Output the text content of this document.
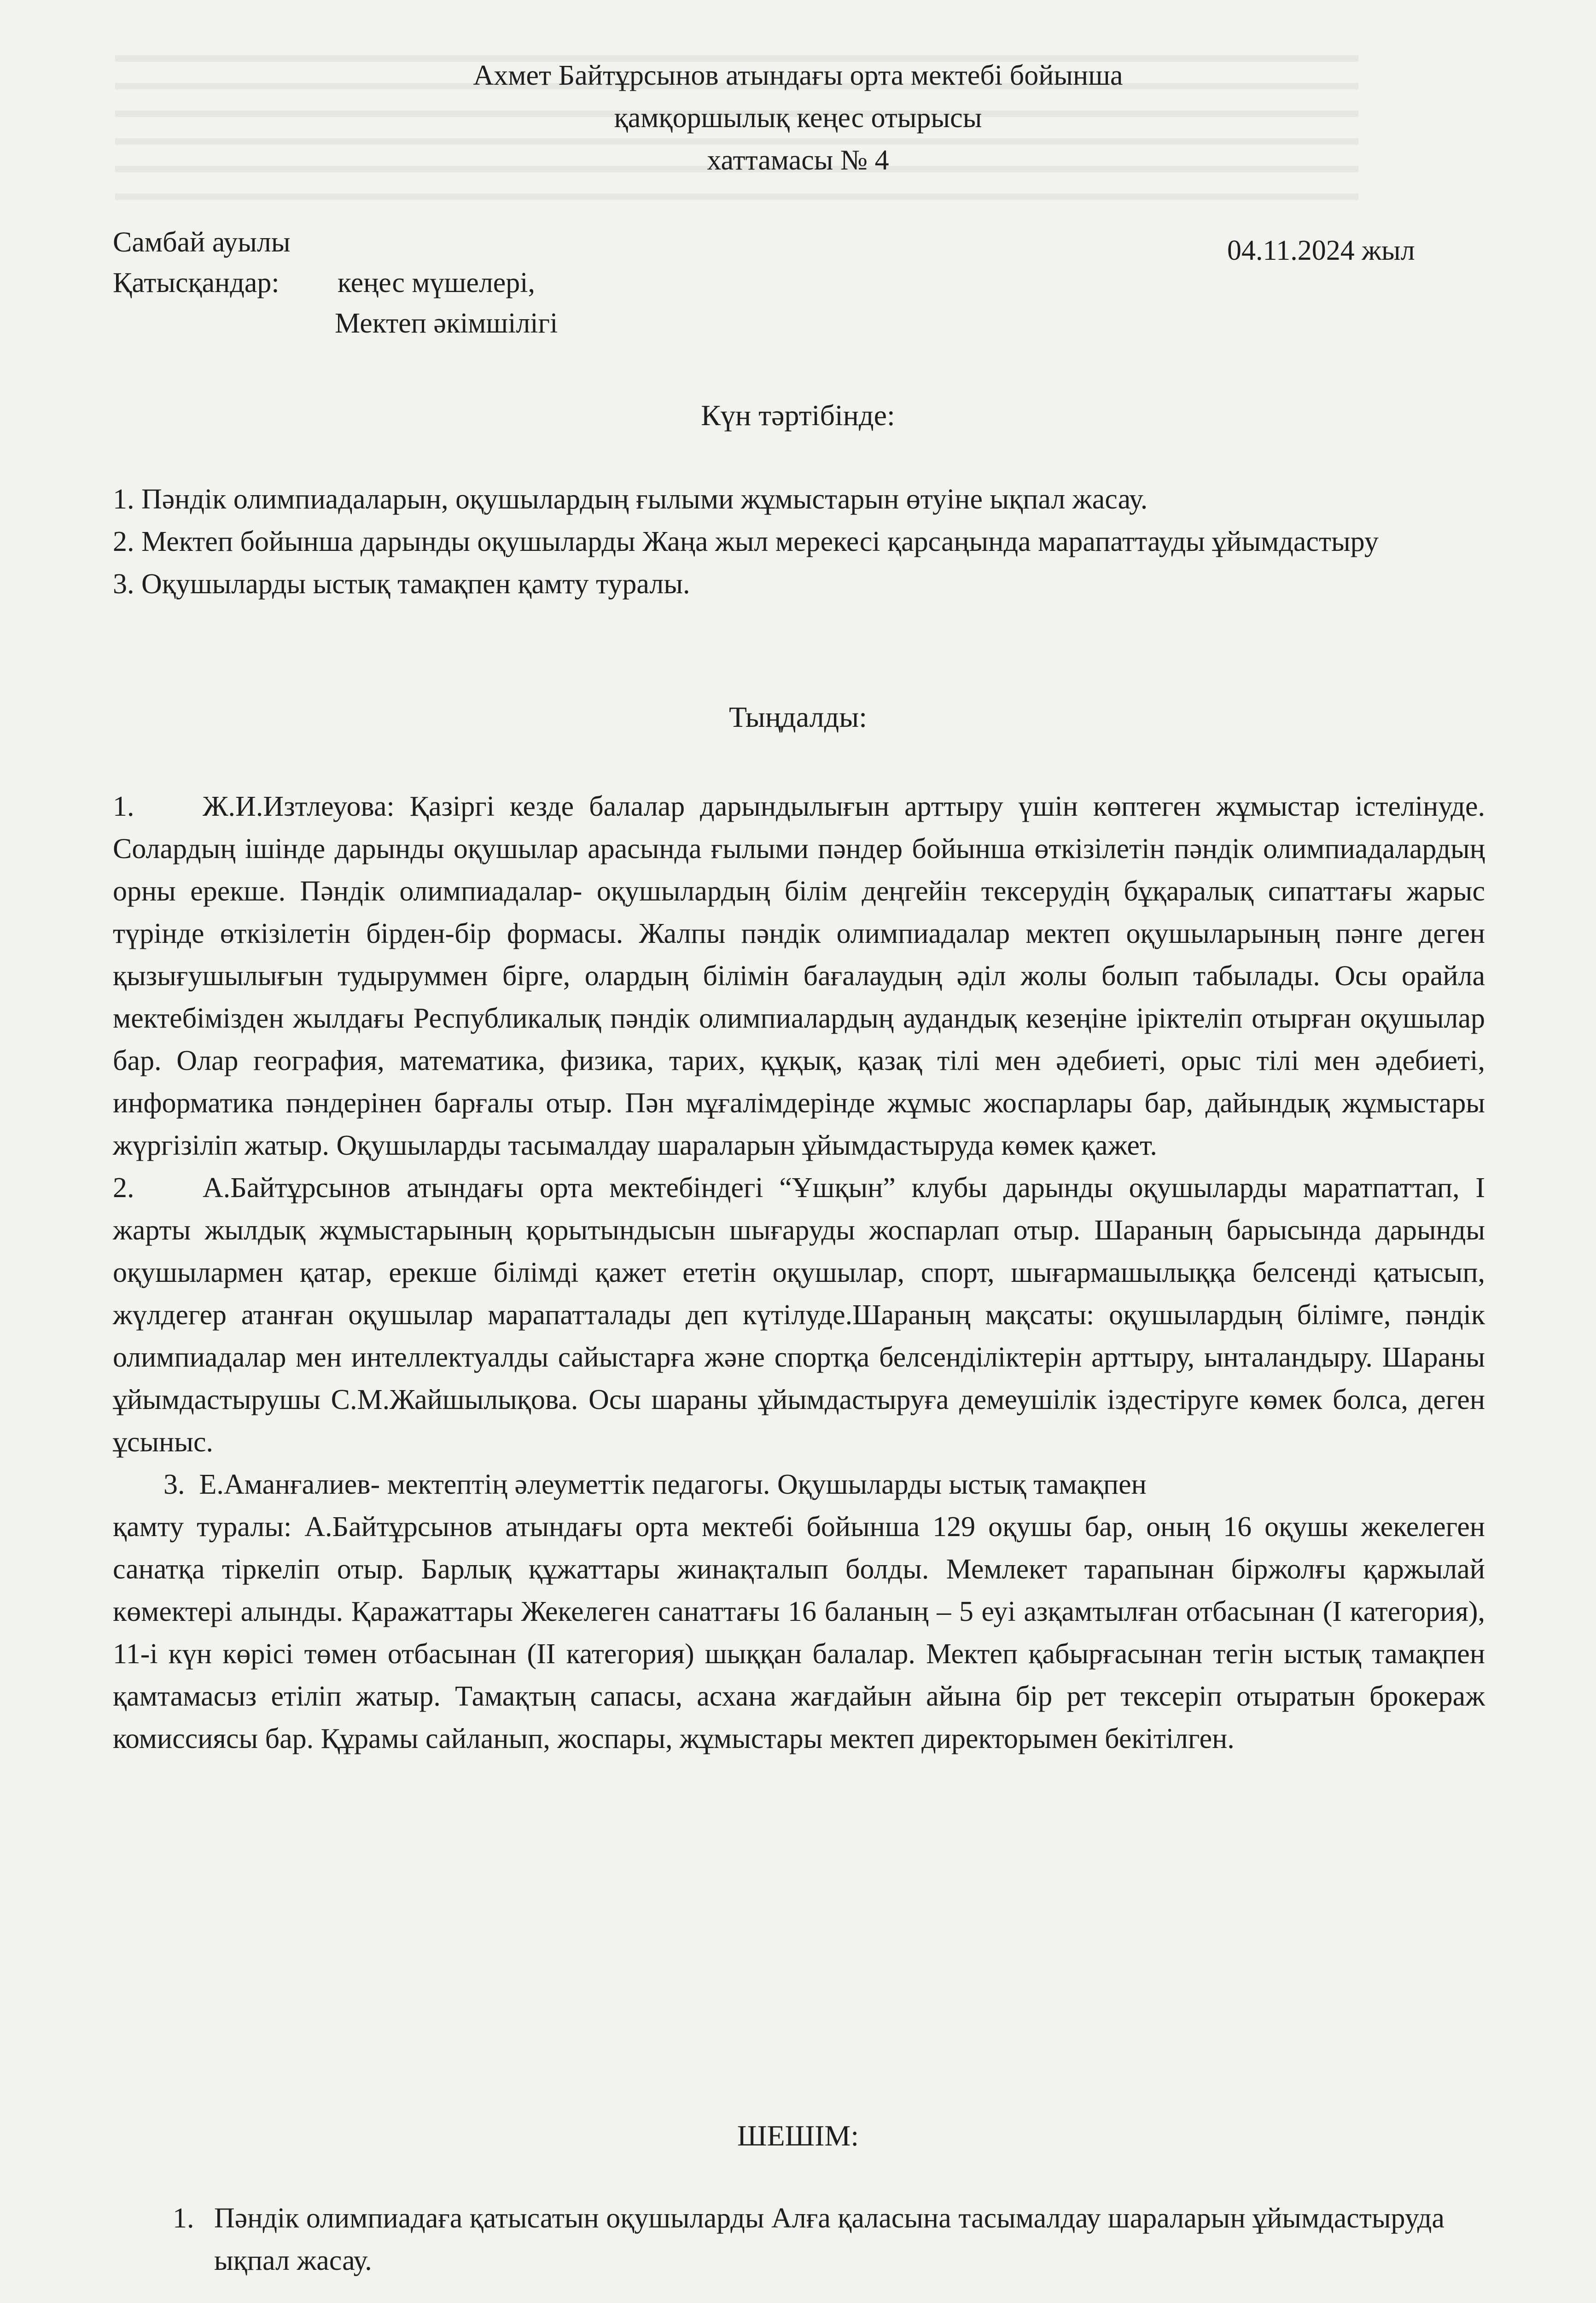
Ахмет Байтұрсынов атындағы орта мектебі бойынша
қамқоршылық кеңес отырысы
хаттамасы № 4
Самбай ауылы	04.11.2024 жыл
Қатысқандар: кеңес мүшелері,
Мектеп әкімшілігі
Күн тәртібінде:

1. Пәндік олимпиадаларын, оқушылардың ғылыми жұмыстарын өтуіне ықпал жасау.

2. Мектеп бойынша дарынды оқушыларды Жаңа жыл мерекесі қарсаңында марапаттауды ұйымдастыру

3. Оқушыларды ыстық тамақпен қамту туралы.

Тыңдалды:

1. Ж.И.Изтлеуова: Қазіргі кезде балалар дарындылығын арттыру үшін көптеген жұмыстар істелінуде. Солардың ішінде дарынды оқушылар арасында ғылыми пәндер бойынша өткізілетін пәндік олимпиадалардың орны ерекше. Пәндік олимпиадалар- оқушылардың білім деңгейін тексерудің бұқаралық сипаттағы жарыс түрінде өткізілетін бірден-бір формасы. Жалпы пәндік олимпиадалар мектеп оқушыларының пәнге деген қызығушылығын тудыруммен бірге, олардың білімін бағалаудың әділ жолы болып табылады. Осы орайла мектебімізден жылдағы Республикалық пәндік олимпиалардың аудандық кезеңіне іріктеліп отырған оқушылар бар. Олар география, математика, физика, тарих, құқық, қазақ тілі мен әдебиеті, орыс тілі мен әдебиеті, информатика пәндерінен барғалы отыр. Пән мұғалімдерінде жұмыс жоспарлары бар, дайындық жұмыстары жүргізіліп жатыр. Оқушыларды тасымалдау шараларын ұйымдастыруда көмек қажет.

2. А.Байтұрсынов атындағы орта мектебіндегі “Ұшқын” клубы дарынды оқушыларды маратпаттап, I жарты жылдық жұмыстарының қорытындысын шығаруды жоспарлап отыр. Шараның барысында дарынды оқушылармен қатар, ерекше білімді қажет ететін оқушылар, спорт, шығармашылыққа белсенді қатысып, жүлдегер атанған оқушылар марапатталады деп күтілуде.Шараның мақсаты: оқушылардың білімге, пәндік олимпиадалар мен интеллектуалды сайыстарға және спортқа белсенділіктерін арттыру, ынталандыру. Шараны ұйымдастырушы С.М.Жайшылықова. Осы шараны ұйымдастыруға демеушілік іздестіруге көмек болса, деген ұсыныс.

3. Е.Аманғалиев- мектептің әлеуметтік педагогы. Оқушыларды ыстық тамақпен
қамту туралы: А.Байтұрсынов атындағы орта мектебі бойынша 129 оқушы бар, оның 16 оқушы жекелеген санатқа тіркеліп отыр. Барлық құжаттары жинақталып болды. Мемлекет тарапынан біржолғы қаржылай көмектері алынды. Қаражаттары Жекелеген санаттағы 16 баланың – 5 еуі азқамтылған отбасынан (I категория), 11-і күн көрісі төмен отбасынан (II категория) шыққан балалар. Мектеп қабырғасынан тегін ыстық тамақпен қамтамасыз етіліп жатыр. Тамақтың сапасы, асхана жағдайын айына бір рет тексеріп отыратын брокераж комиссиясы бар. Құрамы сайланып, жоспары, жұмыстары мектеп директорымен бекітілген.

ШЕШІМ:
1. Пәндік олимпиадаға қатысатын оқушыларды Алға қаласына тасымалдау шараларын ұйымдастыруда ықпал жасау.
